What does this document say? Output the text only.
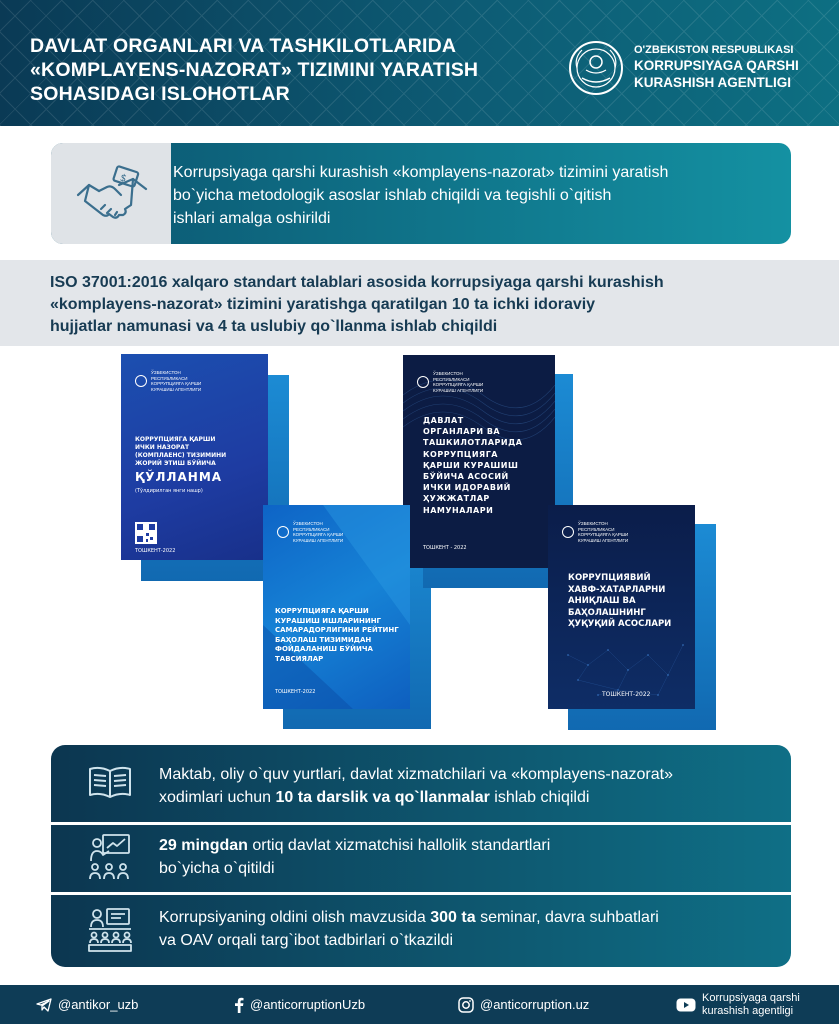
DAVLAT ORGANLARI VA TASHKILOTLARIDA
«KOMPLAYENS-NAZORAT» TIZIMINI YARATISH
SOHASIDAGI ISLOHOTLAR
O'ZBEKISTON RESPUBLIKASI
KORRUPSIYAGA QARSHI
KURASHISH AGENTLIGI
$	Korrupsiyaga qarshi kurashish «komplayens-nazorat» tizimini yaratish
bo`yicha metodologik asoslar ishlab chiqildi va tegishli o`qitish
ishlari amalga oshirildi
ISO 37001:2016 xalqaro standart talablari asosida korrupsiyaga qarshi kurashish
«komplayens-nazorat» tizimini yaratishga qaratilgan 10 ta ichki idoraviy
hujjatlar namunasi va 4 ta uslubiy qo`llanma ishlab chiqildi
ЎЗБЕКИСТОН РЕСПУБЛИКАСИ КОРРУПЦИЯГА ҚАРШИ КУРАШИШ АГЕНТЛИГИ
КОРРУПЦИЯГА ҚАРШИ
ИЧКИ НАЗОРАТ
(КОМПЛАЕНС) ТИЗИМИНИ
ЖОРИЙ ЭТИШ БЎЙИЧА
ҚЎЛЛАНМА
(Тўлдирилган янги нашр)
ТОШКЕНТ-2022
ЎЗБЕКИСТОН РЕСПУБЛИКАСИ КОРРУПЦИЯГА ҚАРШИ КУРАШИШ АГЕНТЛИГИ
ДАВЛАТ
ОРГАНЛАРИ ВА
ТАШКИЛОТЛАРИДА
КОРРУПЦИЯГА
ҚАРШИ КУРАШИШ
БЎЙИЧА АСОСИЙ
ИЧКИ ИДОРАВИЙ
ҲУЖЖАТЛАР
НАМУНАЛАРИ
ТОШКЕНТ - 2022
ЎЗБЕКИСТОН РЕСПУБЛИКАСИ КОРРУПЦИЯГА ҚАРШИ КУРАШИШ АГЕНТЛИГИ
КОРРУПЦИЯГА ҚАРШИ
КУРАШИШ ИШЛАРИНИНГ
САМАРАДОРЛИГИНИ РЕЙТИНГ
БАҲОЛАШ ТИЗИМИДАН
ФОЙДАЛАНИШ БЎЙИЧА
ТАВСИЯЛАР
ТОШКЕНТ-2022
ЎЗБЕКИСТОН РЕСПУБЛИКАСИ КОРРУПЦИЯГА ҚАРШИ КУРАШИШ АГЕНТЛИГИ
КОРРУПЦИЯВИЙ
ХАВФ-ХАТАРЛАРНИ
АНИҚЛАШ ВА
БАҲОЛАШНИНГ
ҲУҚУҚИЙ АСОСЛАРИ
ТОШКЕНТ-2022
Maktab, oliy o`quv yurtlari, davlat xizmatchilari va «komplayens-nazorat»
xodimlari uchun 10 ta darslik va qo`llanmalar ishlab chiqildi
29 mingdan ortiq davlat xizmatchisi hallolik standartlari
bo`yicha o`qitildi
Korrupsiyaning oldini olish mavzusida 300 ta seminar, davra suhbatlari
va OAV orqali targ`ibot tadbirlari o`tkazildi
@antikor_uzb	@anticorruptionUzb	@anticorruption.uz	Korrupsiyaga qarshi
kurashish agentligi
